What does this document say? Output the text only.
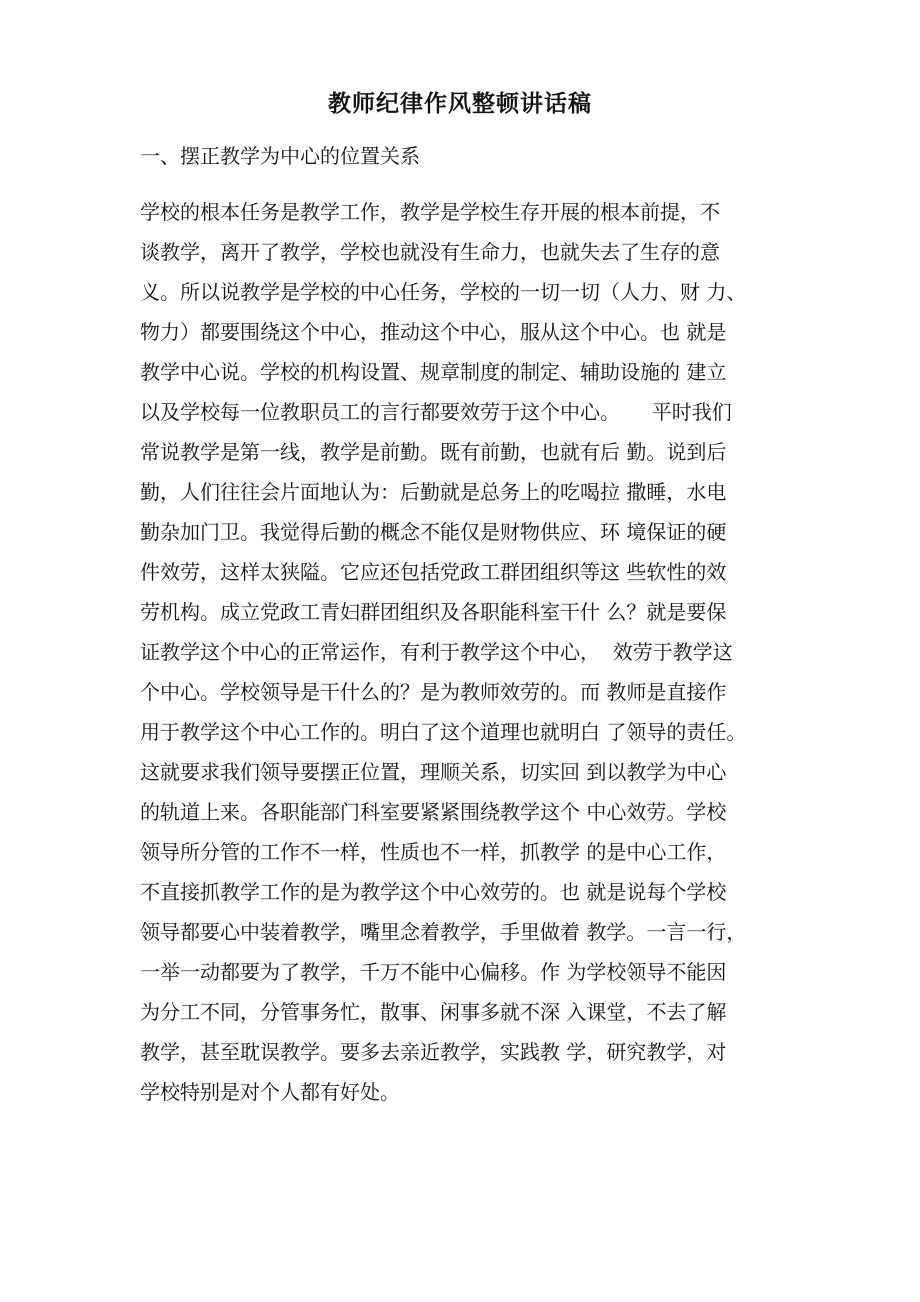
教师纪律作风整顿讲话稿
一、摆正教学为中心的位置关系
学校的根本任务是教学工作，教学是学校生存开展的根本前提，不
谈教学，离开了教学，学校也就没有生命力，也就失去了生存的意
义。所以说教学是学校的中心任务，学校的一切一切（人力、财 力、
物力）都要围绕这个中心，推动这个中心，服从这个中心。也 就是
教学中心说。学校的机构设置、规章制度的制定、辅助设施的 建立
以及学校每一位教职员工的言行都要效劳于这个中心。     平时我们
常说教学是第一线，教学是前勤。既有前勤，也就有后 勤。说到后
勤，人们往往会片面地认为：后勤就是总务上的吃喝拉 撒睡，水电
勤杂加门卫。我觉得后勤的概念不能仅是财物供应、环 境保证的硬
件效劳，这样太狭隘。它应还包括党政工群团组织等这 些软性的效
劳机构。成立党政工青妇群团组织及各职能科室干什 么？就是要保
证教学这个中心的正常运作，有利于教学这个中心，  效劳于教学这
个中心。学校领导是干什么的？是为教师效劳的。而 教师是直接作
用于教学这个中心工作的。明白了这个道理也就明白 了领导的责任。
这就要求我们领导要摆正位置，理顺关系，切实回 到以教学为中心
的轨道上来。各职能部门科室要紧紧围绕教学这个 中心效劳。学校
领导所分管的工作不一样，性质也不一样，抓教学 的是中心工作，
不直接抓教学工作的是为教学这个中心效劳的。也 就是说每个学校
领导都要心中装着教学，嘴里念着教学，手里做着 教学。一言一行，
一举一动都要为了教学，千万不能中心偏移。作 为学校领导不能因
为分工不同，分管事务忙，散事、闲事多就不深 入课堂，不去了解
教学，甚至耽误教学。要多去亲近教学，实践教 学，研究教学，对
学校特别是对个人都有好处。
